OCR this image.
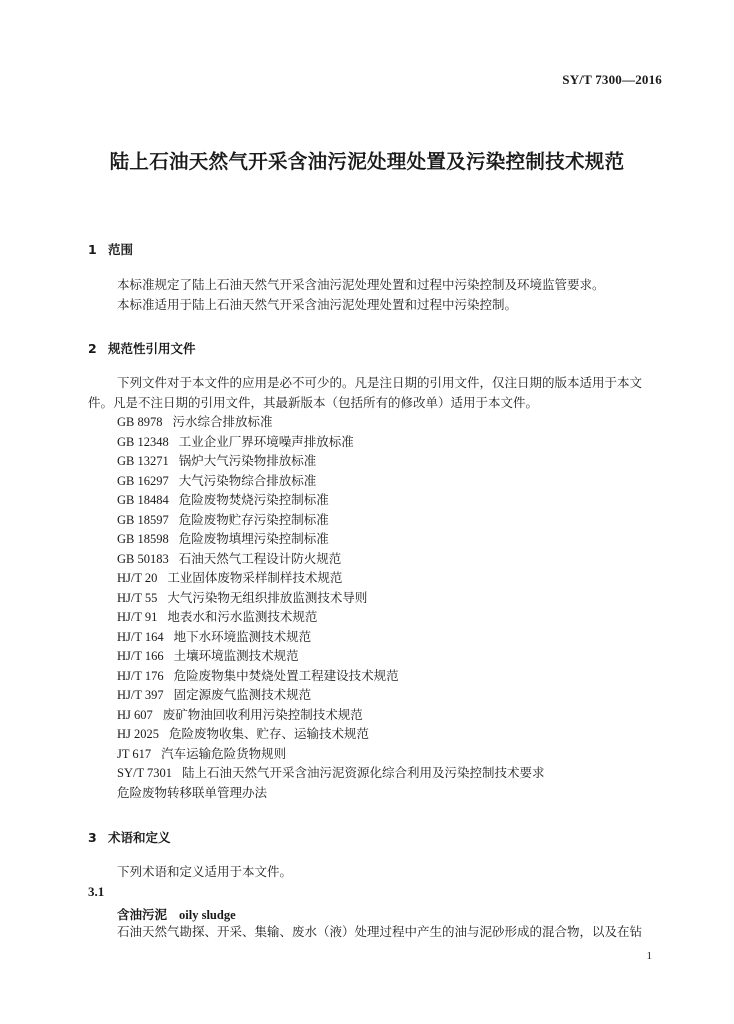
SY/T 7300—2016
陆上石油天然气开采含油污泥处理处置及污染控制技术规范
1 范围
本标准规定了陆上石油天然气开采含油污泥处理处置和过程中污染控制及环境监管要求。
本标准适用于陆上石油天然气开采含油污泥处理处置和过程中污染控制。
2 规范性引用文件
下列文件对于本文件的应用是必不可少的。凡是注日期的引用文件，仅注日期的版本适用于本文件。凡是不注日期的引用文件，其最新版本（包括所有的修改单）适用于本文件。
GB 8978 污水综合排放标准
GB 12348 工业企业厂界环境噪声排放标准
GB 13271 锅炉大气污染物排放标准
GB 16297 大气污染物综合排放标准
GB 18484 危险废物焚烧污染控制标准
GB 18597 危险废物贮存污染控制标准
GB 18598 危险废物填埋污染控制标准
GB 50183 石油天然气工程设计防火规范
HJ/T 20 工业固体废物采样制样技术规范
HJ/T 55 大气污染物无组织排放监测技术导则
HJ/T 91 地表水和污水监测技术规范
HJ/T 164 地下水环境监测技术规范
HJ/T 166 土壤环境监测技术规范
HJ/T 176 危险废物集中焚烧处置工程建设技术规范
HJ/T 397 固定源废气监测技术规范
HJ 607 废矿物油回收利用污染控制技术规范
HJ 2025 危险废物收集、贮存、运输技术规范
JT 617 汽车运输危险货物规则
SY/T 7301 陆上石油天然气开采含油污泥资源化综合利用及污染控制技术要求
危险废物转移联单管理办法
3 术语和定义
下列术语和定义适用于本文件。
3.1
含油污泥 oily sludge
石油天然气勘探、开采、集输、废水（液）处理过程中产生的油与泥砂形成的混合物，以及在钻
1
